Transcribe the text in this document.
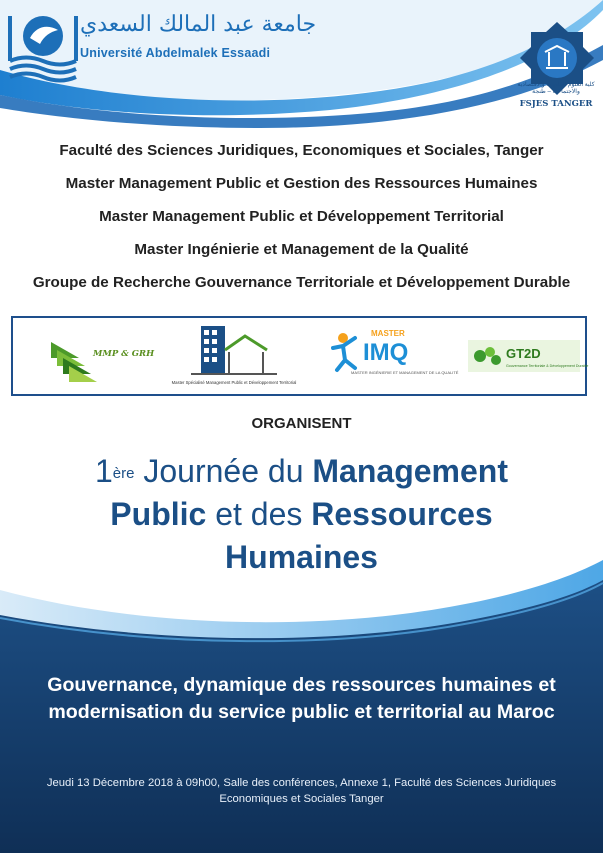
جامعة عبد المالك السعدي
Université Abdelmalek Essaadi
كلية العلوم القانونية والاقتصادية والاجتماعية – طنجة
FSJES TANGER
Faculté des Sciences Juridiques, Economiques et Sociales, Tanger
Master Management Public et Gestion des Ressources Humaines
Master Management Public et Développement Territorial
Master Ingénierie et Management de la Qualité
Groupe de Recherche Gouvernance Territoriale et Développement Durable
MMP & GRH
Master Spécialisé Management Public et Développement Territorial
MASTER
IMQ
MASTER INGÉNIERIE ET MANAGEMENT DE LA QUALITÉ
GT2D
Gouvernance Territoriale & Développement Durable
ORGANISENT
1ère Journée du Management
Public et des Ressources
Humaines
Gouvernance, dynamique des ressources humaines et modernisation du service public et territorial au Maroc
Jeudi 13 Décembre 2018 à 09h00, Salle des conférences, Annexe 1, Faculté des Sciences Juridiques Economiques et Sociales Tanger
